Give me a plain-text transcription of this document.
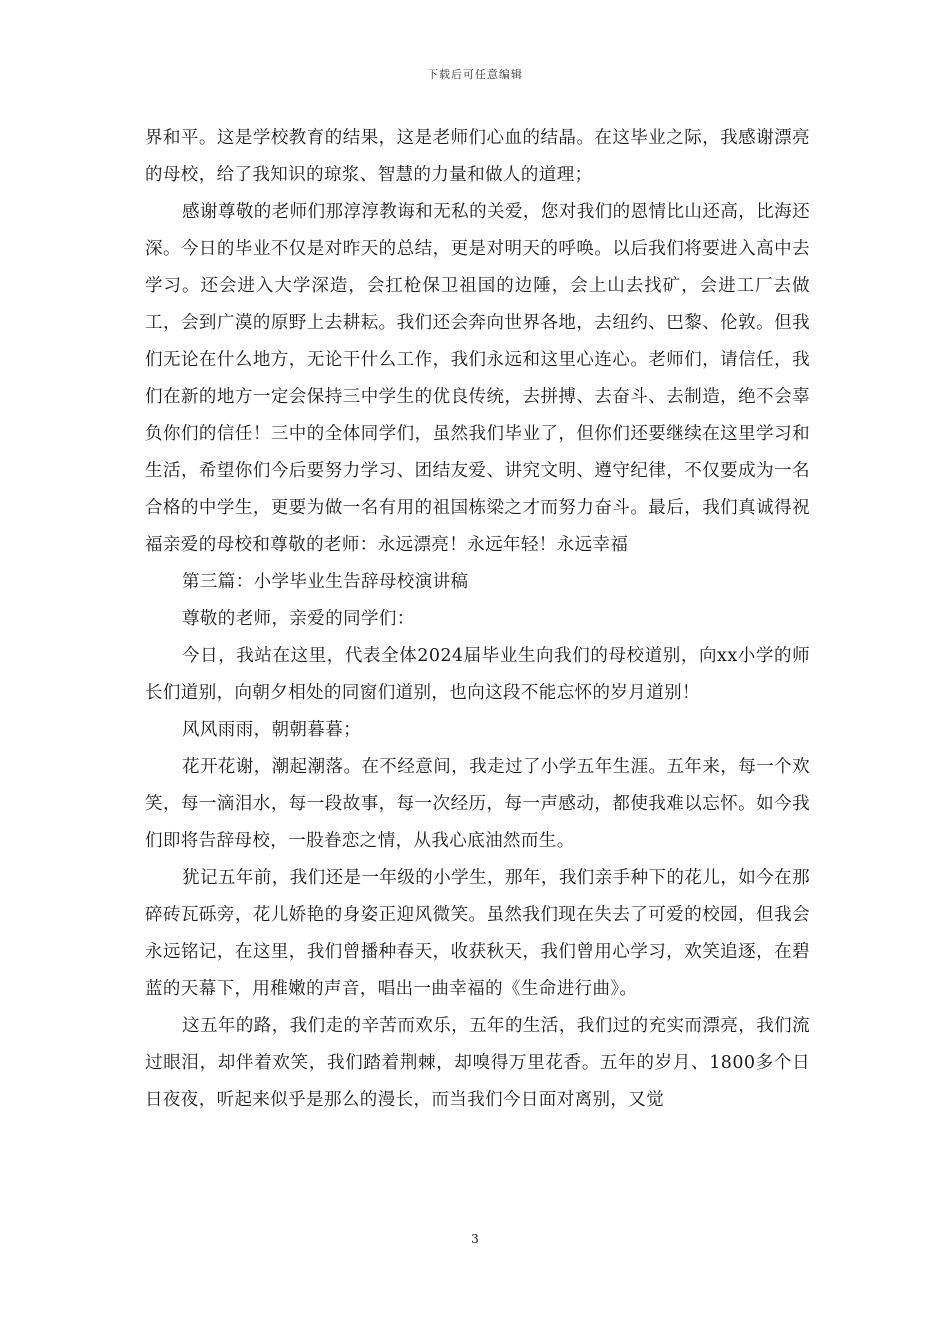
下载后可任意编辑

界和平。这是学校教育的结果，这是老师们心血的结晶。在这毕业之际，我感谢漂亮的母校，给了我知识的琼浆、智慧的力量和做人的道理；

感谢尊敬的老师们那淳淳教诲和无私的关爱，您对我们的恩情比山还高，比海还深。今日的毕业不仅是对昨天的总结，更是对明天的呼唤。以后我们将要进入高中去学习。还会进入大学深造，会扛枪保卫祖国的边陲，会上山去找矿，会进工厂去做工，会到广漠的原野上去耕耘。我们还会奔向世界各地，去纽约、巴黎、伦敦。但我们无论在什么地方，无论干什么工作，我们永远和这里心连心。老师们，请信任，我们在新的地方一定会保持三中学生的优良传统，去拼搏、去奋斗、去制造，绝不会辜负你们的信任！三中的全体同学们，虽然我们毕业了，但你们还要继续在这里学习和生活，希望你们今后要努力学习、团结友爱、讲究文明、遵守纪律，不仅要成为一名合格的中学生，更要为做一名有用的祖国栋梁之才而努力奋斗。最后，我们真诚得祝福亲爱的母校和尊敬的老师：永远漂亮！永远年轻！永远幸福

第三篇：小学毕业生告辞母校演讲稿

尊敬的老师，亲爱的同学们：

今日，我站在这里，代表全体2024届毕业生向我们的母校道别，向xx小学的师长们道别，向朝夕相处的同窗们道别，也向这段不能忘怀的岁月道别！

风风雨雨，朝朝暮暮；

花开花谢，潮起潮落。在不经意间，我走过了小学五年生涯。五年来，每一个欢笑，每一滴泪水，每一段故事，每一次经历，每一声感动，都使我难以忘怀。如今我们即将告辞母校，一股眷恋之情，从我心底油然而生。

犹记五年前，我们还是一年级的小学生，那年，我们亲手种下的花儿，如今在那碎砖瓦砾旁，花儿娇艳的身姿正迎风微笑。虽然我们现在失去了可爱的校园，但我会永远铭记，在这里，我们曾播种春天，收获秋天，我们曾用心学习，欢笑追逐，在碧蓝的天幕下，用稚嫩的声音，唱出一曲幸福的《生命进行曲》。

这五年的路，我们走的辛苦而欢乐，五年的生活，我们过的充实而漂亮，我们流过眼泪，却伴着欢笑，我们踏着荆棘，却嗅得万里花香。五年的岁月、1800多个日日夜夜，听起来似乎是那么的漫长，而当我们今日面对离别，又觉

3
